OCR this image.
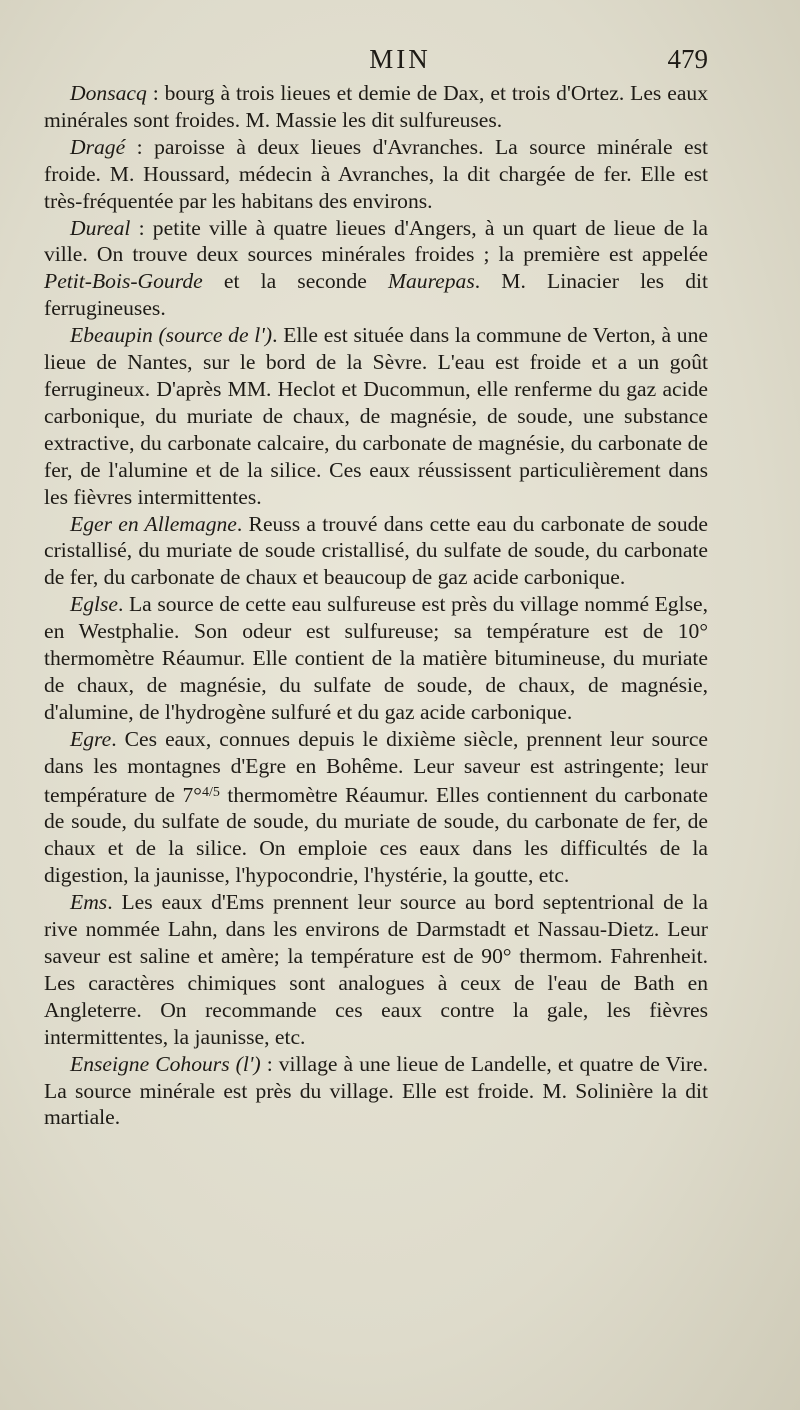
MIN	479

Donsacq : bourg à trois lieues et demie de Dax, et trois d'Ortez. Les eaux minérales sont froides. M. Massie les dit sulfureuses.

Dragé : paroisse à deux lieues d'Avranches. La source minérale est froide. M. Houssard, médecin à Avranches, la dit chargée de fer. Elle est très-fréquentée par les habitans des environs.

Dureal : petite ville à quatre lieues d'Angers, à un quart de lieue de la ville. On trouve deux sources minérales froides ; la première est appelée Petit-Bois-Gourde et la seconde Maurepas. M. Linacier les dit ferrugineuses.

Ebeaupin (source de l'). Elle est située dans la commune de Verton, à une lieue de Nantes, sur le bord de la Sèvre. L'eau est froide et a un goût ferrugineux. D'après MM. Heclot et Ducommun, elle renferme du gaz acide carbonique, du muriate de chaux, de magnésie, de soude, une substance extractive, du carbonate calcaire, du carbonate de magnésie, du carbonate de fer, de l'alumine et de la silice. Ces eaux réussissent particulièrement dans les fièvres intermittentes.

Eger en Allemagne. Reuss a trouvé dans cette eau du carbonate de soude cristallisé, du muriate de soude cristallisé, du sulfate de soude, du carbonate de fer, du carbonate de chaux et beaucoup de gaz acide carbonique.

Eglse. La source de cette eau sulfureuse est près du village nommé Eglse, en Westphalie. Son odeur est sulfureuse; sa température est de 10° thermomètre Réaumur. Elle contient de la matière bitumineuse, du muriate de chaux, de magnésie, du sulfate de soude, de chaux, de magnésie, d'alumine, de l'hydrogène sulfuré et du gaz acide carbonique.

Egre. Ces eaux, connues depuis le dixième siècle, prennent leur source dans les montagnes d'Egre en Bohême. Leur saveur est astringente; leur température de 7°$^{4/5}$ thermomètre Réaumur. Elles contiennent du carbonate de soude, du sulfate de soude, du muriate de soude, du carbonate de fer, de chaux et de la silice. On emploie ces eaux dans les difficultés de la digestion, la jaunisse, l'hypocondrie, l'hystérie, la goutte, etc.

Ems. Les eaux d'Ems prennent leur source au bord septentrional de la rive nommée Lahn, dans les environs de Darmstadt et Nassau-Dietz. Leur saveur est saline et amère; la température est de 90° thermom. Fahrenheit. Les caractères chimiques sont analogues à ceux de l'eau de Bath en Angleterre. On recommande ces eaux contre la gale, les fièvres intermittentes, la jaunisse, etc.

Enseigne Cohours (l') : village à une lieue de Landelle, et quatre de Vire. La source minérale est près du village. Elle est froide. M. Solinière la dit martiale.
